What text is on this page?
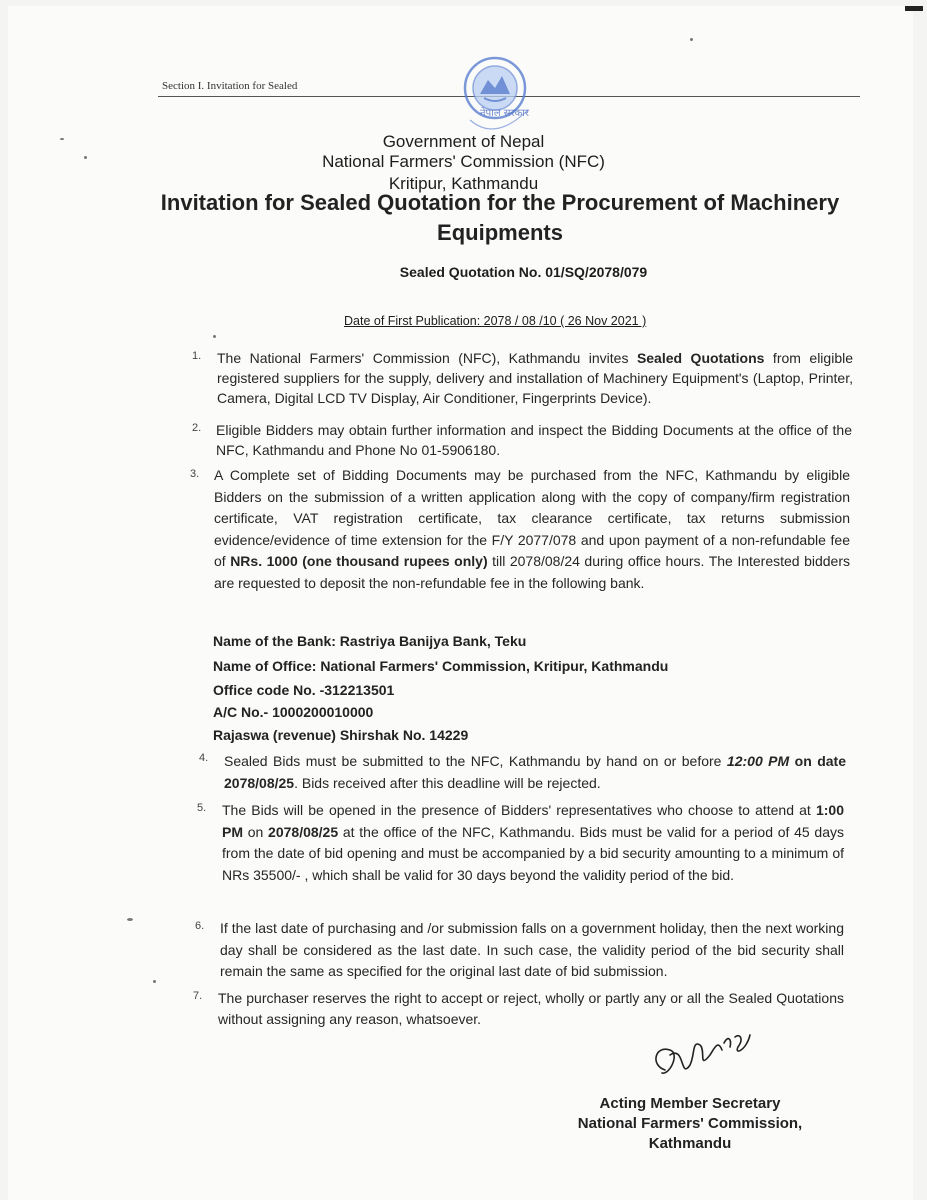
Section I. Invitation for Sealed
नेपाल सरकार
Government of Nepal
National Farmers' Commission (NFC)
Kritipur, Kathmandu
Invitation for Sealed Quotation for the Procurement of Machinery Equipments
Sealed Quotation No. 01/SQ/2078/079
Date of First Publication: 2078 / 08 /10 ( 26 Nov 2021 )
1. The National Farmers' Commission (NFC), Kathmandu invites Sealed Quotations from eligible registered suppliers for the supply, delivery and installation of Machinery Equipment's (Laptop, Printer, Camera, Digital LCD TV Display, Air Conditioner, Fingerprints Device).
2. Eligible Bidders may obtain further information and inspect the Bidding Documents at the office of the NFC, Kathmandu and Phone No 01-5906180.
3. A Complete set of Bidding Documents may be purchased from the NFC, Kathmandu by eligible Bidders on the submission of a written application along with the copy of company/firm registration certificate, VAT registration certificate, tax clearance certificate, tax returns submission evidence/evidence of time extension for the F/Y 2077/078 and upon payment of a non-refundable fee of NRs. 1000 (one thousand rupees only) till 2078/08/24 during office hours. The Interested bidders are requested to deposit the non-refundable fee in the following bank.
Name of the Bank: Rastriya Banijya Bank, Teku
Name of Office: National Farmers' Commission, Kritipur, Kathmandu
Office code No. -312213501
A/C No.- 1000200010000
Rajaswa (revenue) Shirshak No. 14229
4. Sealed Bids must be submitted to the NFC, Kathmandu by hand on or before 12:00 PM on date 2078/08/25. Bids received after this deadline will be rejected.
5. The Bids will be opened in the presence of Bidders' representatives who choose to attend at 1:00 PM on 2078/08/25 at the office of the NFC, Kathmandu. Bids must be valid for a period of 45 days from the date of bid opening and must be accompanied by a bid security amounting to a minimum of NRs 35500/- , which shall be valid for 30 days beyond the validity period of the bid.
6. If the last date of purchasing and /or submission falls on a government holiday, then the next working day shall be considered as the last date. In such case, the validity period of the bid security shall remain the same as specified for the original last date of bid submission.
7. The purchaser reserves the right to accept or reject, wholly or partly any or all the Sealed Quotations without assigning any reason, whatsoever.
Acting Member Secretary
National Farmers' Commission,
Kathmandu
